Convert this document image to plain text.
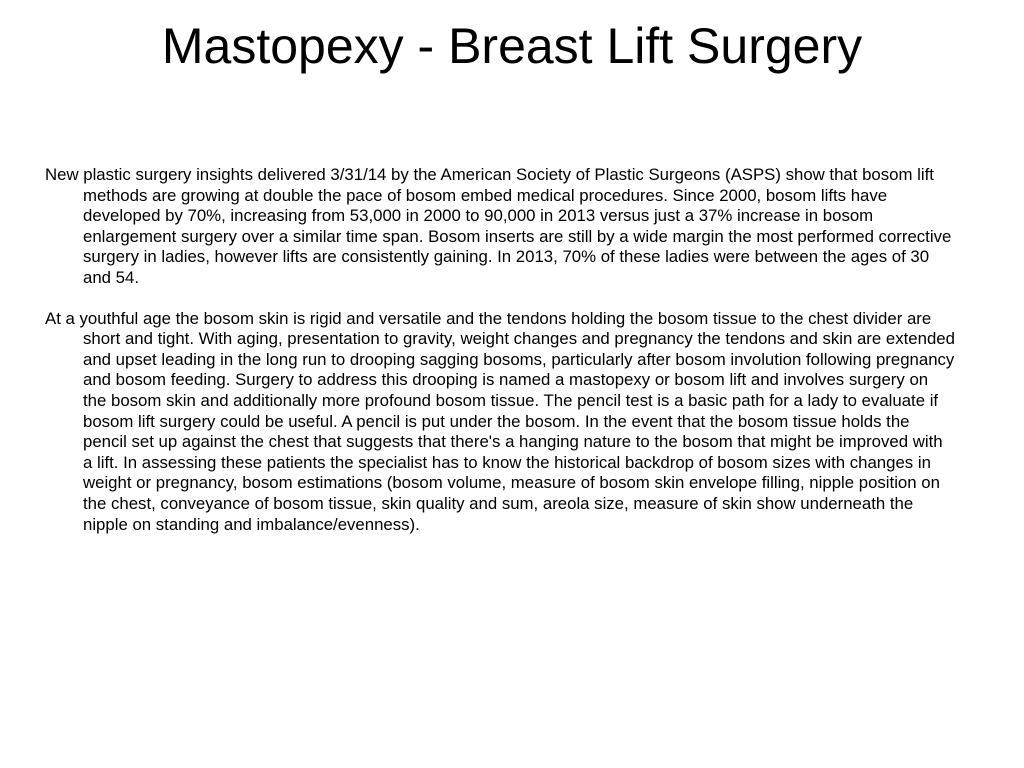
Mastopexy - Breast Lift Surgery

New plastic surgery insights delivered 3/31/14 by the American Society of Plastic Surgeons (ASPS) show that bosom lift methods are growing at double the pace of bosom embed medical procedures. Since 2000, bosom lifts have developed by 70%, increasing from 53,000 in 2000 to 90,000 in 2013 versus just a 37% increase in bosom enlargement surgery over a similar time span. Bosom inserts are still by a wide margin the most performed corrective surgery in ladies, however lifts are consistently gaining. In 2013, 70% of these ladies were between the ages of 30 and 54.

At a youthful age the bosom skin is rigid and versatile and the tendons holding the bosom tissue to the chest divider are short and tight. With aging, presentation to gravity, weight changes and pregnancy the tendons and skin are extended and upset leading in the long run to drooping sagging bosoms, particularly after bosom involution following pregnancy and bosom feeding. Surgery to address this drooping is named a mastopexy or bosom lift and involves surgery on the bosom skin and additionally more profound bosom tissue. The pencil test is a basic path for a lady to evaluate if bosom lift surgery could be useful. A pencil is put under the bosom. In the event that the bosom tissue holds the pencil set up against the chest that suggests that there's a hanging nature to the bosom that might be improved with a lift. In assessing these patients the specialist has to know the historical backdrop of bosom sizes with changes in weight or pregnancy, bosom estimations (bosom volume, measure of bosom skin envelope filling, nipple position on the chest, conveyance of bosom tissue, skin quality and sum, areola size, measure of skin show underneath the nipple on standing and imbalance/evenness).
